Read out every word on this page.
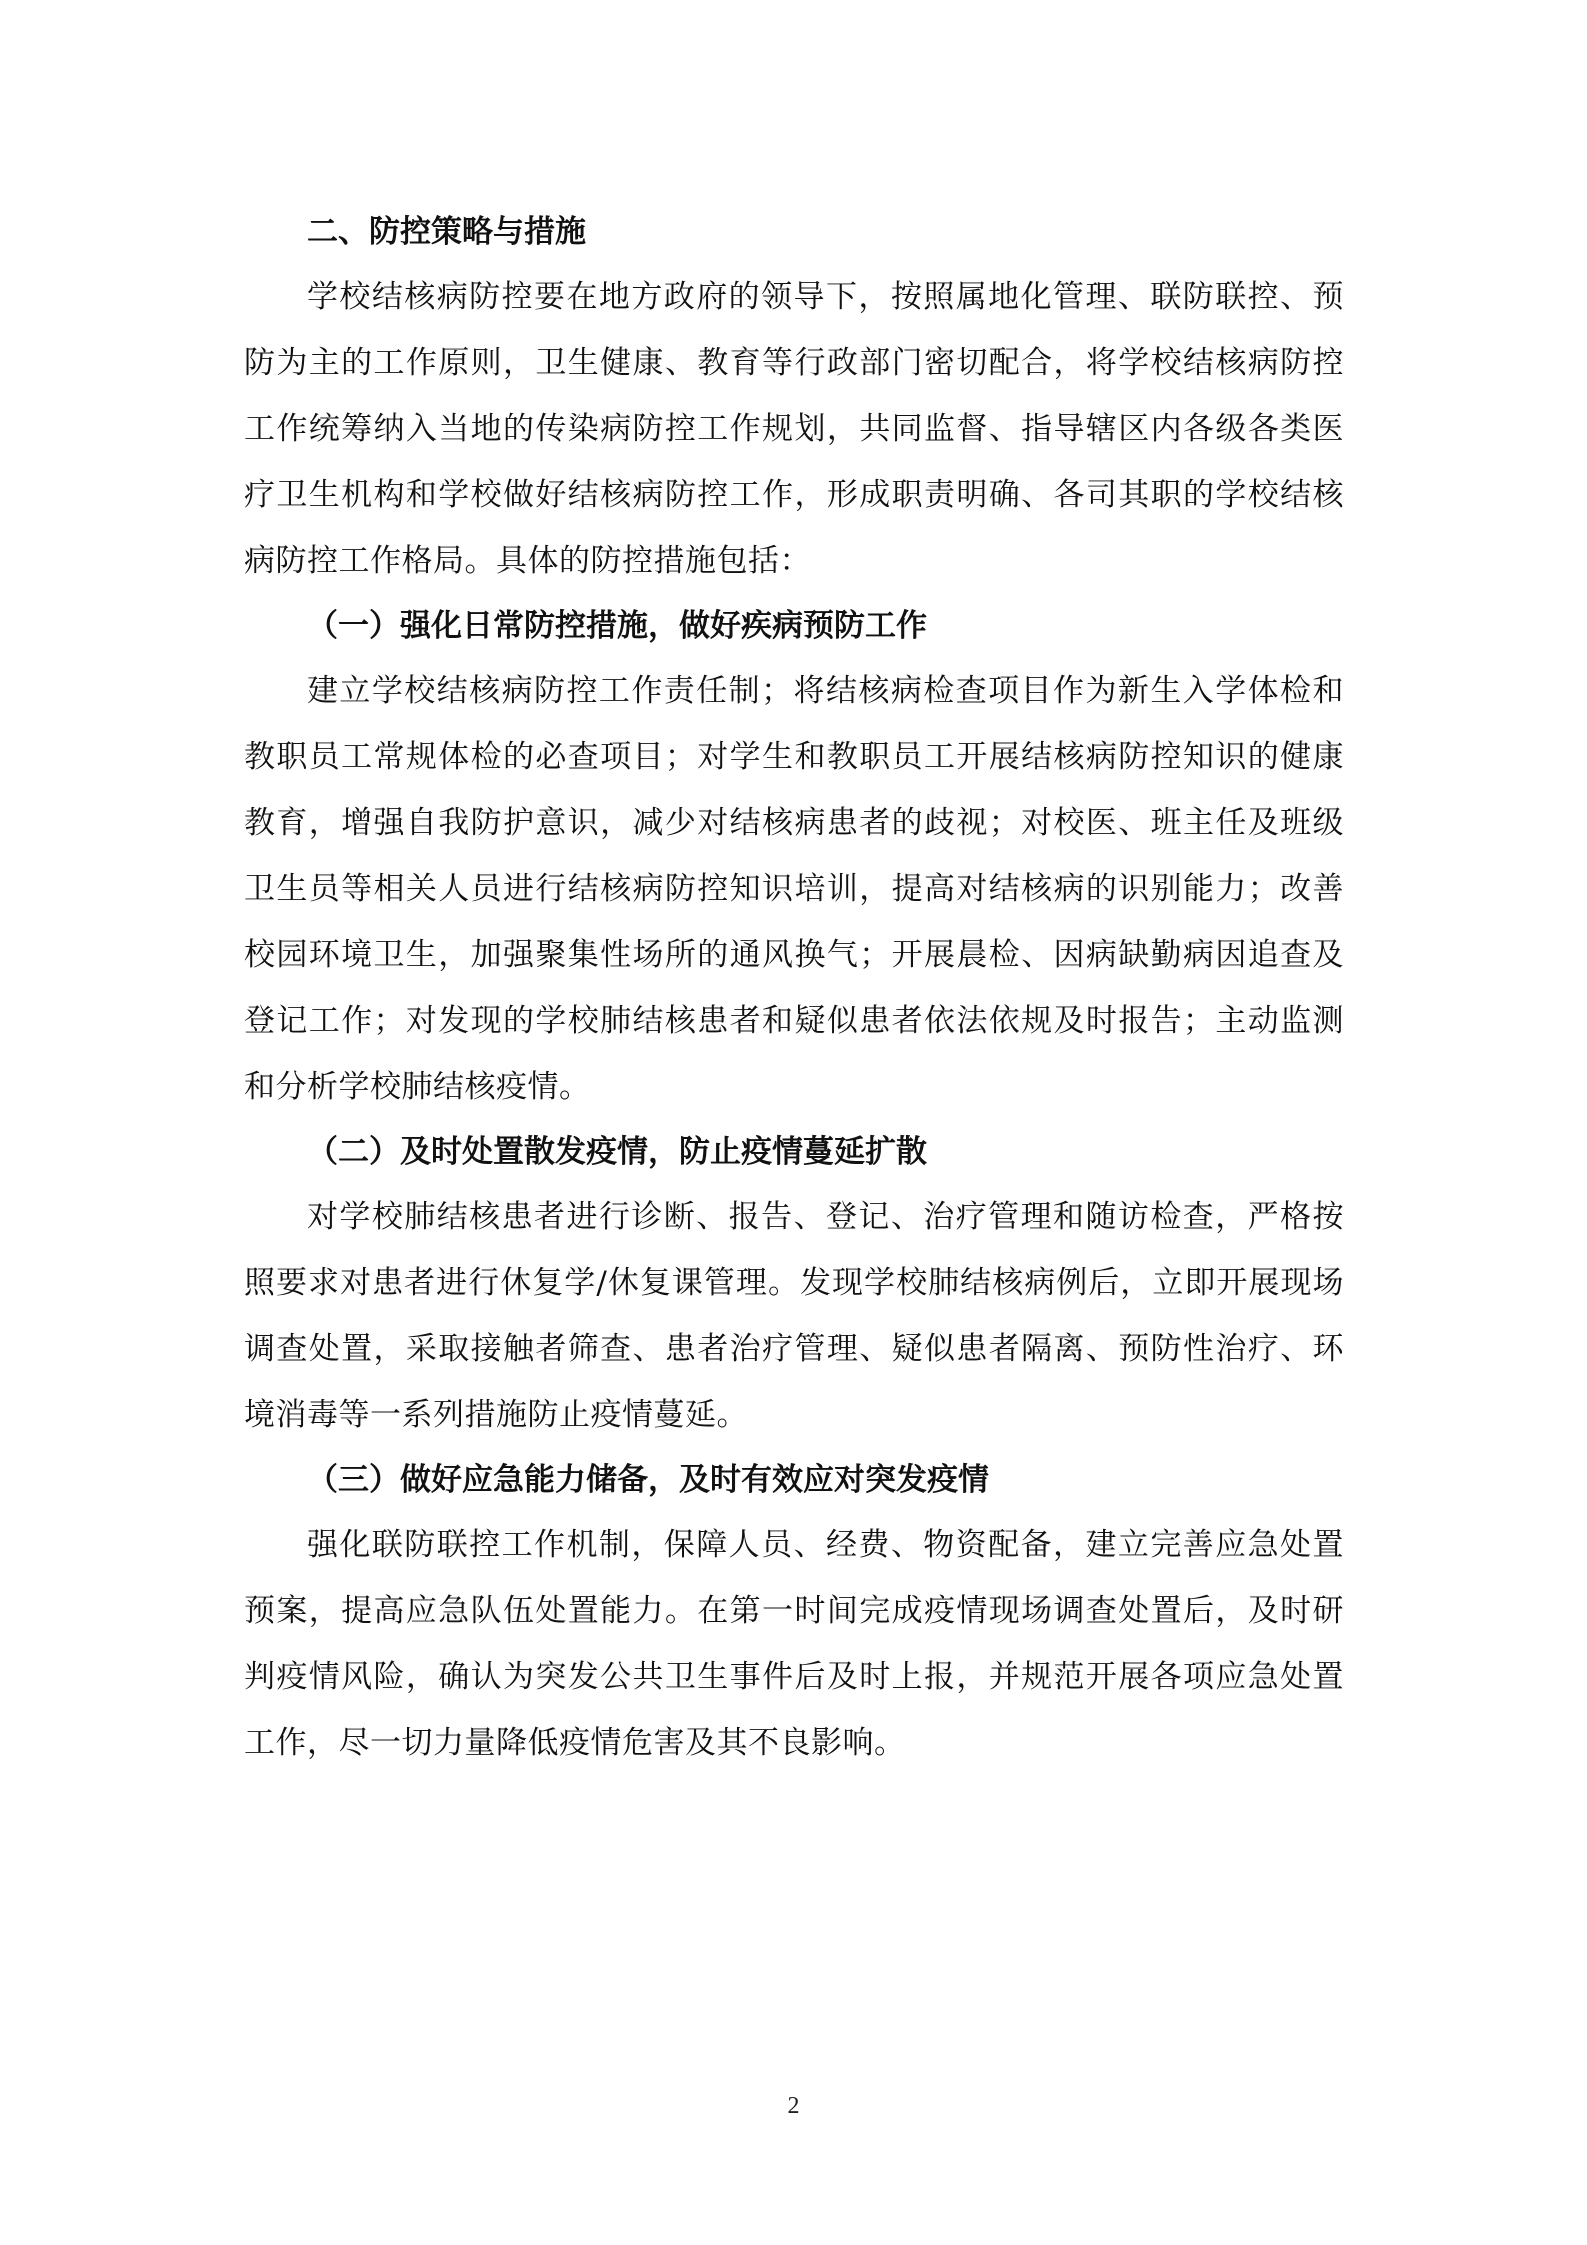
二、防控策略与措施

学校结核病防控要在地方政府的领导下，按照属地化管理、联防联控、预防为主的工作原则，卫生健康、教育等行政部门密切配合，将学校结核病防控工作统筹纳入当地的传染病防控工作规划，共同监督、指导辖区内各级各类医疗卫生机构和学校做好结核病防控工作，形成职责明确、各司其职的学校结核病防控工作格局。具体的防控措施包括：

（一）强化日常防控措施，做好疾病预防工作

建立学校结核病防控工作责任制；将结核病检查项目作为新生入学体检和教职员工常规体检的必查项目；对学生和教职员工开展结核病防控知识的健康教育，增强自我防护意识，减少对结核病患者的歧视；对校医、班主任及班级卫生员等相关人员进行结核病防控知识培训，提高对结核病的识别能力；改善校园环境卫生，加强聚集性场所的通风换气；开展晨检、因病缺勤病因追查及登记工作；对发现的学校肺结核患者和疑似患者依法依规及时报告；主动监测和分析学校肺结核疫情。

（二）及时处置散发疫情，防止疫情蔓延扩散

对学校肺结核患者进行诊断、报告、登记、治疗管理和随访检查，严格按照要求对患者进行休复学/休复课管理。发现学校肺结核病例后，立即开展现场调查处置，采取接触者筛查、患者治疗管理、疑似患者隔离、预防性治疗、环境消毒等一系列措施防止疫情蔓延。

（三）做好应急能力储备，及时有效应对突发疫情

强化联防联控工作机制，保障人员、经费、物资配备，建立完善应急处置预案，提高应急队伍处置能力。在第一时间完成疫情现场调查处置后，及时研判疫情风险，确认为突发公共卫生事件后及时上报，并规范开展各项应急处置工作，尽一切力量降低疫情危害及其不良影响。

2
